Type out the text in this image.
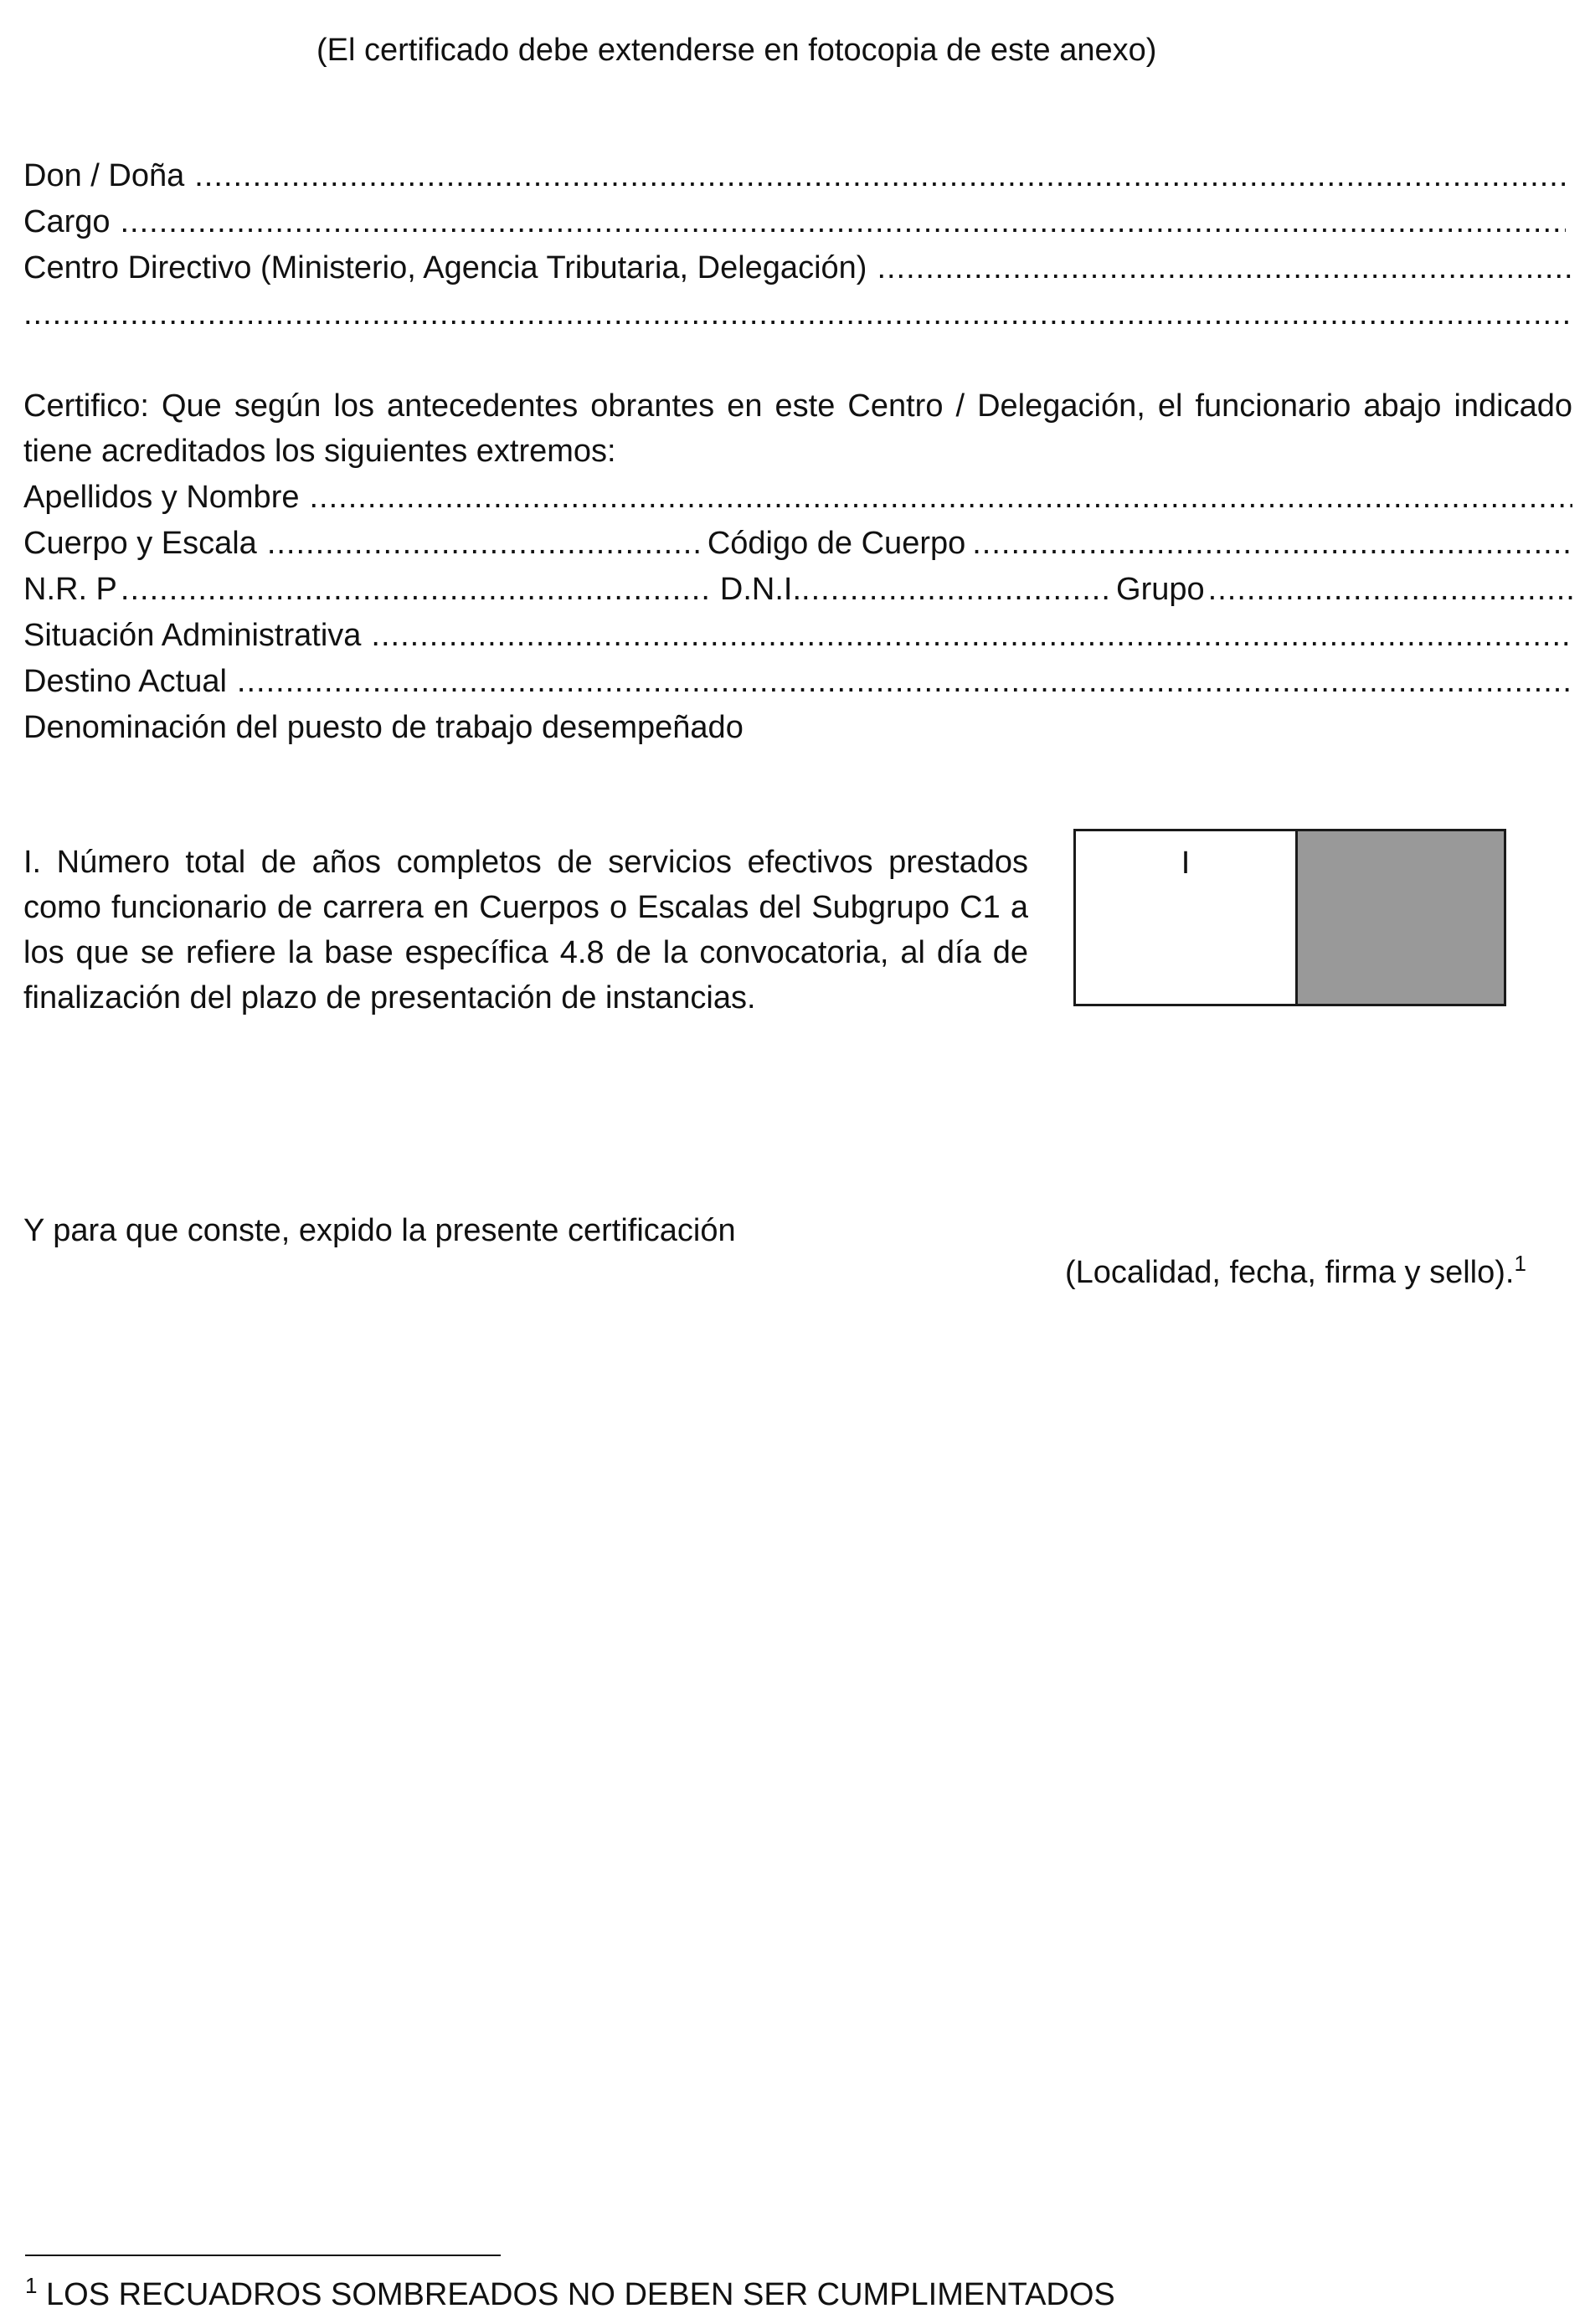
(El certificado debe extenderse en fotocopia de este anexo)

Don / Doña
.....
Cargo
.....
Centro Directivo (Ministerio, Agencia Tributaria, Delegación)
.....
.....

Certifico: Que según los antecedentes obrantes en este Centro / Delegación, el funcionario abajo indicado tiene acreditados los siguientes extremos:

Apellidos y Nombre
.....
Cuerpo y Escala .....	Código de Cuerpo
.....
N.R. P .....	D.N.I. .....	Grupo
.....
Situación Administrativa
.....
Destino Actual
.....

Denominación del puesto de trabajo desempeñado

I. Número total de años completos de servicios efectivos prestados como funcionario de carrera en Cuerpos o Escalas del Subgrupo C1 a los que se refiere la base específica 4.8 de la convocatoria, al día de finalización del plazo de presentación de instancias.

I

Y para que conste, expido la presente certificación

(Localidad, fecha, firma y sello).$^1$

$^1$ LOS RECUADROS SOMBREADOS NO DEBEN SER CUMPLIMENTADOS
